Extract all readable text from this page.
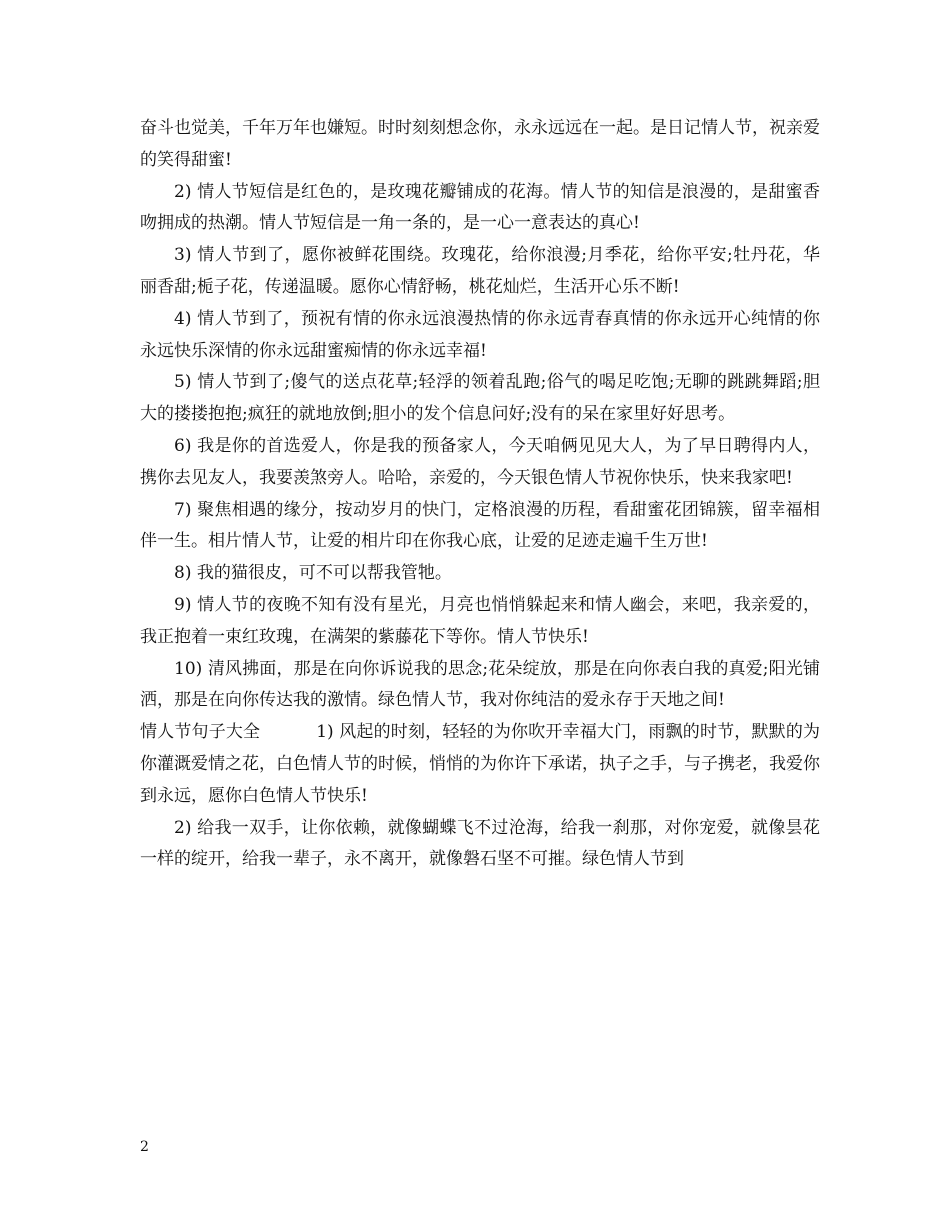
奋斗也觉美，千年万年也嫌短。时时刻刻想念你，永永远远在一起。是日记情人节，祝亲爱的笑得甜蜜!

2) 情人节短信是红色的，是玫瑰花瓣铺成的花海。情人节的知信是浪漫的，是甜蜜香吻拥成的热潮。情人节短信是一角一条的，是一心一意表达的真心!

3) 情人节到了，愿你被鲜花围绕。玫瑰花，给你浪漫;月季花，给你平安;牡丹花，华丽香甜;栀子花，传递温暖。愿你心情舒畅，桃花灿烂，生活开心乐不断!

4) 情人节到了，预祝有情的你永远浪漫热情的你永远青春真情的你永远开心纯情的你永远快乐深情的你永远甜蜜痴情的你永远幸福!

5) 情人节到了;傻气的送点花草;轻浮的领着乱跑;俗气的喝足吃饱;无聊的跳跳舞蹈;胆大的搂搂抱抱;疯狂的就地放倒;胆小的发个信息问好;没有的呆在家里好好思考。

6) 我是你的首选爱人，你是我的预备家人，今天咱俩见见大人，为了早日聘得内人，携你去见友人，我要羡煞旁人。哈哈，亲爱的，今天银色情人节祝你快乐，快来我家吧!

7) 聚焦相遇的缘分，按动岁月的快门，定格浪漫的历程，看甜蜜花团锦簇，留幸福相伴一生。相片情人节，让爱的相片印在你我心底，让爱的足迹走遍千生万世!

8) 我的猫很皮，可不可以帮我管牠。

9) 情人节的夜晚不知有没有星光，月亮也悄悄躲起来和情人幽会，来吧，我亲爱的，我正抱着一束红玫瑰，在满架的紫藤花下等你。情人节快乐!

10) 清风拂面，那是在向你诉说我的思念;花朵绽放，那是在向你表白我的真爱;阳光铺洒，那是在向你传达我的激情。绿色情人节，我对你纯洁的爱永存于天地之间!

情人节句子大全	1) 风起的时刻，轻轻的为你吹开幸福大门，雨飘的时节，默默的为你灌溉爱情之花，白色情人节的时候，悄悄的为你许下承诺，执子之手，与子携老，我爱你到永远，愿你白色情人节快乐!

2) 给我一双手，让你依赖，就像蝴蝶飞不过沧海，给我一刹那，对你宠爱，就像昙花一样的绽开，给我一辈子，永不离开，就像磐石坚不可摧。绿色情人节到

2
